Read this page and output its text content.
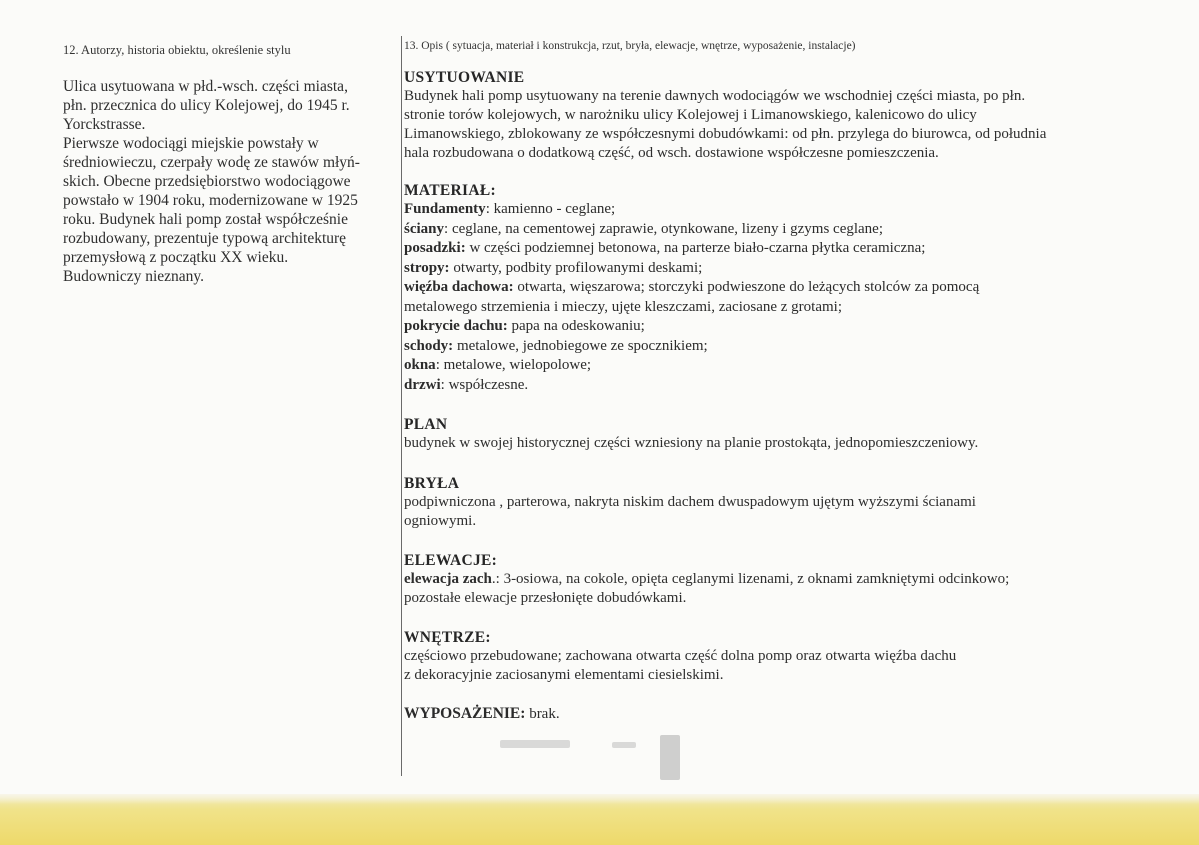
12. Autorzy, historia obiektu, określenie stylu

Ulica usytuowana w płd.-wsch. części miasta,
płn. przecznica do ulicy Kolejowej, do 1945 r.
Yorckstrasse.
Pierwsze wodociągi miejskie powstały w
średniowieczu, czerpały wodę ze stawów młyń-
skich. Obecne przedsiębiorstwo wodociągowe
powstało w 1904 roku, modernizowane w 1925
roku. Budynek hali pomp został współcześnie
rozbudowany, prezentuje typową architekturę
przemysłową z początku XX wieku.
Budowniczy nieznany.

13. Opis ( sytuacja, materiał i konstrukcja, rzut, bryła, elewacje, wnętrze, wyposażenie, instalacje)
USYTUOWANIE
Budynek hali pomp usytuowany na terenie dawnych wodociągów we wschodniej części miasta, po płn.
stronie torów kolejowych, w narożniku ulicy Kolejowej i Limanowskiego, kalenicowo do ulicy
Limanowskiego, zblokowany ze współczesnymi dobudówkami: od płn. przylega do biurowca, od południa
hala rozbudowana o dodatkową część, od wsch. dostawione współczesne pomieszczenia.
MATERIAŁ:
Fundamenty: kamienno - ceglane;
ściany: ceglane, na cementowej zaprawie, otynkowane, lizeny i gzyms ceglane;
posadzki: w części podziemnej betonowa, na parterze biało-czarna płytka ceramiczna;
stropy: otwarty, podbity profilowanymi deskami;
więźba dachowa: otwarta, więszarowa; storczyki podwieszone do leżących stolców za pomocą
metalowego strzemienia i mieczy, ujęte kleszczami, zaciosane z grotami;
pokrycie dachu: papa na odeskowaniu;
schody: metalowe, jednobiegowe ze spocznikiem;
okna: metalowe, wielopolowe;
drzwi: współczesne.
PLAN
budynek w swojej historycznej części wzniesiony na planie prostokąta, jednopomieszczeniowy.
BRYŁA
podpiwniczona , parterowa, nakryta niskim dachem dwuspadowym ujętym wyższymi ścianami
ogniowymi.
ELEWACJE:
elewacja zach.: 3-osiowa, na cokole, opięta ceglanymi lizenami, z oknami zamkniętymi odcinkowo;
pozostałe elewacje przesłonięte dobudówkami.
WNĘTRZE:
częściowo przebudowane; zachowana otwarta część dolna pomp oraz otwarta więźba dachu
z dekoracyjnie zaciosanymi elementami ciesielskimi.
WYPOSAŻENIE: brak.
